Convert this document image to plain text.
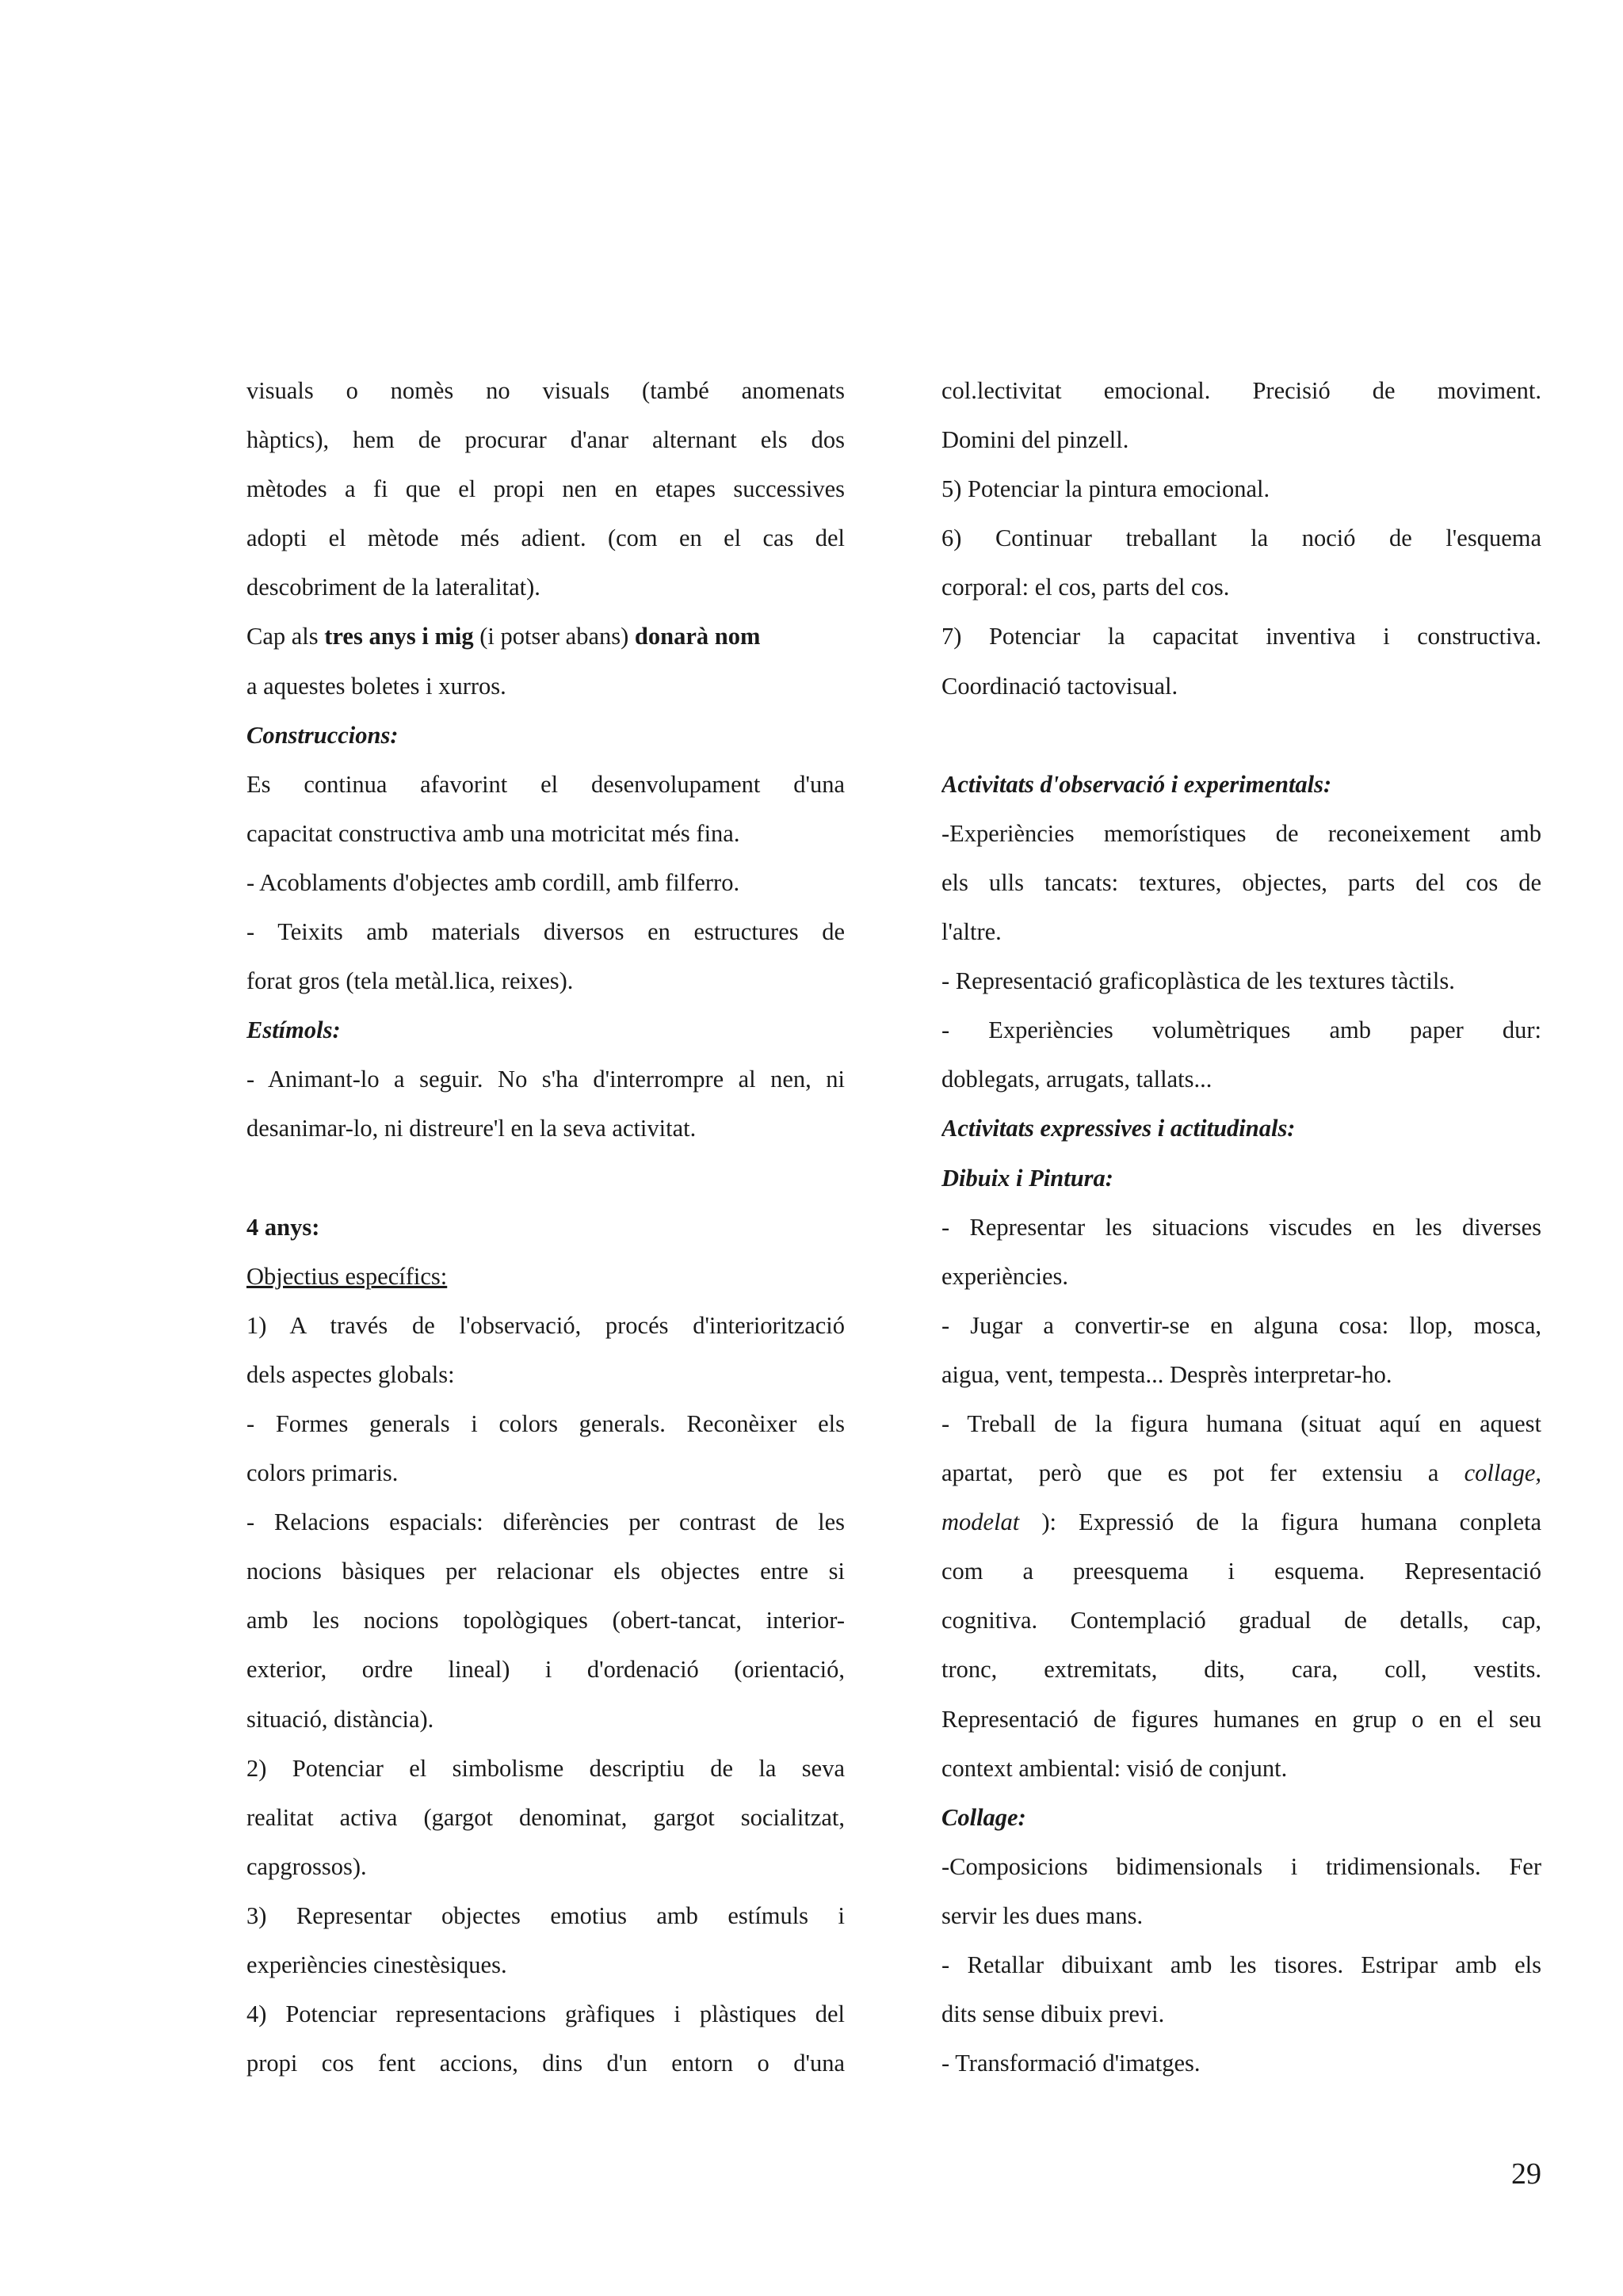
visuals o nomès no visuals (també anomenats
hàptics), hem de procurar d'anar alternant els dos
mètodes a fi que el propi nen en etapes successives
adopti el mètode més adient. (com en el cas del
descobriment de la lateralitat).
Cap als tres anys i mig (i potser abans) donarà nom
a aquestes boletes i xurros.
Construccions:
Es continua afavorint el desenvolupament d'una
capacitat constructiva amb una motricitat més fina.
- Acoblaments d'objectes amb cordill, amb filferro.
- Teixits amb materials diversos en estructures de
forat gros (tela metàl.lica, reixes).
Estímols:
- Animant-lo a seguir. No s'ha d'interrompre al nen, ni
desanimar-lo, ni distreure'l en la seva activitat.
4 anys:
Objectius específics:
1) A través de l'observació, procés d'interiorització
dels aspectes globals:
- Formes generals i colors generals. Reconèixer els
colors primaris.
- Relacions espacials: diferències per contrast de les
nocions bàsiques per relacionar els objectes entre si
amb les nocions topològiques (obert-tancat, interior-
exterior, ordre lineal) i d'ordenació (orientació,
situació, distància).
2) Potenciar el simbolisme descriptiu de la seva
realitat activa (gargot denominat, gargot socialitzat,
capgrossos).
3) Representar objectes emotius amb estímuls i
experiències cinestèsiques.
4) Potenciar representacions gràfiques i plàstiques del
propi cos fent accions, dins d'un entorn o d'una
col.lectivitat emocional. Precisió de moviment.
Domini del pinzell.
5) Potenciar la pintura emocional.
6) Continuar treballant la noció de l'esquema
corporal: el cos, parts del cos.
7) Potenciar la capacitat inventiva i constructiva.
Coordinació tactovisual.
Activitats d'observació i experimentals:
-Experiències memorístiques de reconeixement amb
els ulls tancats: textures, objectes, parts del cos de
l'altre.
- Representació graficoplàstica de les textures tàctils.
- Experiències volumètriques amb paper dur:
doblegats, arrugats, tallats...
Activitats expressives i actitudinals:
Dibuix i Pintura:
- Representar les situacions viscudes en les diverses
experiències.
- Jugar a convertir-se en alguna cosa: llop, mosca,
aigua, vent, tempesta... Desprès interpretar-ho.
- Treball de la figura humana (situat aquí en aquest
apartat, però que es pot fer extensiu a collage,
modelat ): Expressió de la figura humana conpleta
com a preesquema i esquema. Representació
cognitiva. Contemplació gradual de detalls, cap,
tronc, extremitats, dits, cara, coll, vestits.
Representació de figures humanes en grup o en el seu
context ambiental: visió de conjunt.
Collage:
-Composicions bidimensionals i tridimensionals. Fer
servir les dues mans.
- Retallar dibuixant amb les tisores. Estripar amb els
dits sense dibuix previ.
- Transformació d'imatges.
29
